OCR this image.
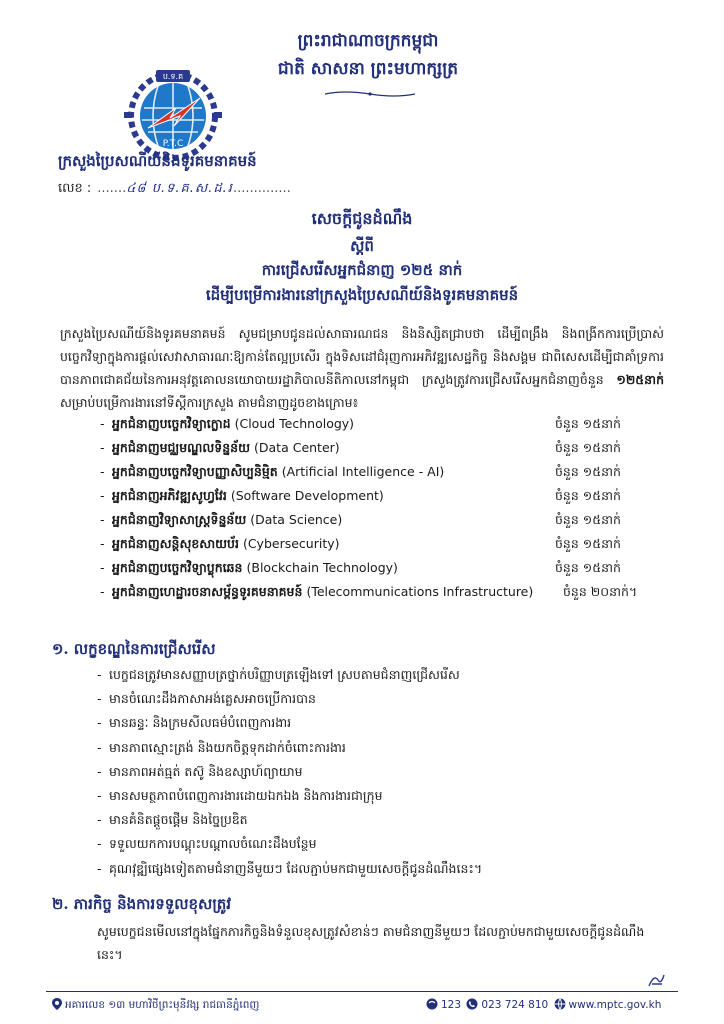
ព្រះរាជាណាចក្រកម្ពុជា
ជាតិ សាសនា ព្រះមហាក្សត្រ
ប.ទ.គ
P.T.C
ក្រសួងប្រៃសណីយ៍និងទូរគមនាគមន៍
លេខ : .......៤៨ ប.ទ.គ.ស.ដ.រ..............
សេចក្តីជូនដំណឹង
ស្តីពី
ការជ្រើសរើសអ្នកជំនាញ ១២៥ នាក់
ដើម្បីបម្រើការងារនៅក្រសួងប្រៃសណីយ៍និងទូរគមនាគមន៍
ក្រសួងប្រៃសណីយ៍និងទូរគមនាគមន៍ សូមជម្រាបជូនដល់សាធារណជន និងនិស្សិតជ្រាបថា ដើម្បីពង្រឹង និងពង្រីកការប្រើប្រាស់បច្ចេកវិទ្យាក្នុងការផ្តល់សេវាសាធារណៈឱ្យកាន់តែល្អប្រសើរ ក្នុងទិសដៅជំរុញការអភិវឌ្ឍសេដ្ឋកិច្ច និងសង្គម ជាពិសេសដើម្បីជាគាំទ្រការបានភាពជោគជ័យនៃការអនុវត្តគោលនយោបាយរដ្ឋាភិបាលនីតិកាលនៅកម្ពុជា ក្រសួងត្រូវការជ្រើសរើសអ្នកជំនាញចំនួន ១២៥នាក់ សម្រាប់បម្រើការងារនៅទីស្តីការក្រសួង តាមជំនាញដូចខាងក្រោម៖
- អ្នកជំនាញបច្ចេកវិទ្យាក្លោដ (Cloud Technology)	ចំនួន ១៥នាក់
- អ្នកជំនាញមជ្ឈមណ្ឌលទិន្នន័យ (Data Center)	ចំនួន ១៥នាក់
- អ្នកជំនាញបច្ចេកវិទ្យាបញ្ញាសិប្បនិម្មិត (Artificial Intelligence - AI)	ចំនួន ១៥នាក់
- អ្នកជំនាញអភិវឌ្ឍសូហ្វវែរ (Software Development)	ចំនួន ១៥នាក់
- អ្នកជំនាញវិទ្យាសាស្ត្រទិន្នន័យ (Data Science)	ចំនួន ១៥នាក់
- អ្នកជំនាញសន្តិសុខសាយប័រ (Cybersecurity)	ចំនួន ១៥នាក់
- អ្នកជំនាញបច្ចេកវិទ្យាប្លុកឆេន (Blockchain Technology)	ចំនួន ១៥នាក់
- អ្នកជំនាញហេដ្ឋារចនាសម្ព័ន្ធទូរគមនាគមន៍ (Telecommunications Infrastructure) ចំនួន ២០នាក់។
១. លក្ខខណ្ឌនៃការជ្រើសរើស
- បេក្ខជនត្រូវមានសញ្ញាបត្រថ្នាក់បរិញ្ញាបត្រឡើងទៅ ស្របតាមជំនាញជ្រើសរើស
- មានចំណេះដឹងភាសាអង់គ្លេសអាចប្រើការបាន
- មានឆន្ទៈ និងក្រមសីលធម៌បំពេញការងារ
- មានភាពស្មោះត្រង់ និងយកចិត្តទុកដាក់ចំពោះការងារ
- មានភាពអត់ធ្មត់ តស៊ូ និងឧស្សាហ៍ព្យាយាម
- មានសមត្ថភាពបំពេញការងារដោយឯកឯង និងការងារជាក្រុម
- មានគំនិតផ្តួចផ្តើម និងច្នៃប្រឌិត
- ទទួលយកការបណ្តុះបណ្តាលចំណេះដឹងបន្ថែម
- គុណវុឌ្ឍិផ្សេងទៀតតាមជំនាញនីមួយៗ ដែលភ្ជាប់មកជាមួយសេចក្តីជូនដំណឹងនេះ។
២. ភារកិច្ច និងការទទួលខុសត្រូវ
សូមបេក្ខជនមើលនៅក្នុងផ្នែកភារកិច្ចនិងទំនួលខុសត្រូវសំខាន់ៗ តាមជំនាញនីមួយៗ ដែលភ្ជាប់មកជាមួយសេចក្តីជូនដំណឹងនេះ។
អគារលេខ ១៣ មហាវិថីព្រះមុនីវង្ស រាជធានីភ្នំពេញ	123 023 724 810 www.mptc.gov.kh
